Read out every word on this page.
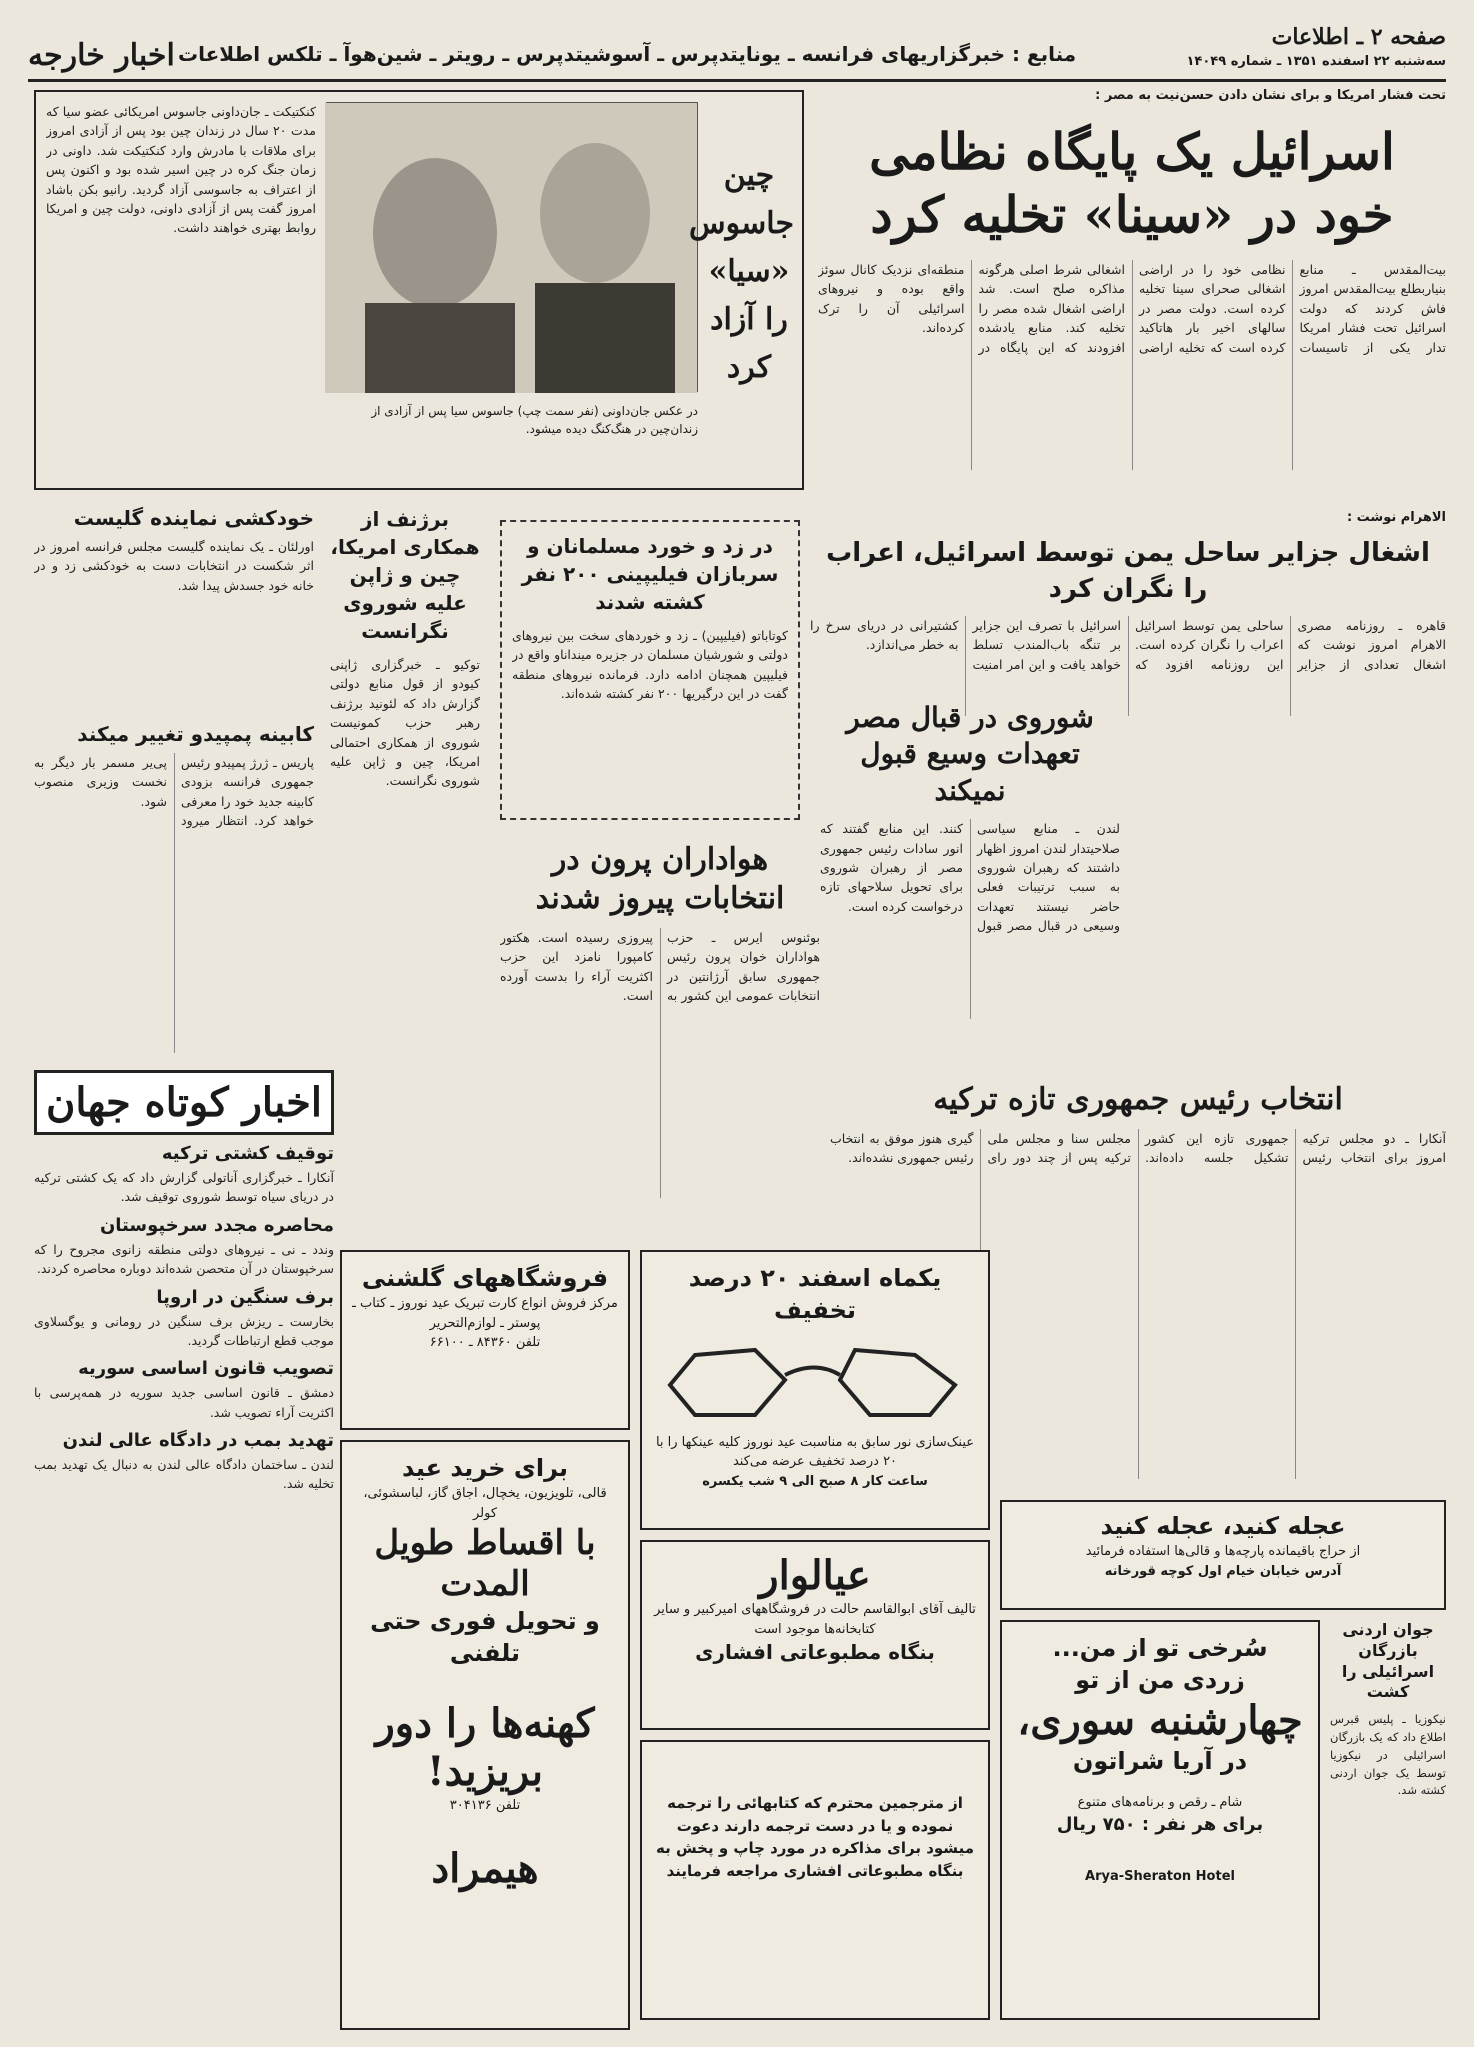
صفحه ۲ ـ اطلاعات
سه‌شنبه ۲۲ اسفنده ۱۳۵۱ ـ شماره ۱۴۰۴۹
منابع : خبرگزاریهای فرانسه ـ یونایتدپرس ـ آسوشیتدپرس ـ رویتر ـ شین‌هوآ ـ تلکس اطلاعات
اخبار خارجه
تحت فشار امریکا و برای نشان دادن حسن‌نیت به مصر :
اسرائیل یک پایگاه نظامی
خود در «سینا» تخلیه کرد
بیت‌المقدس ـ منابع بنیاربطلع بیت‌المقدس امروز فاش کردند که دولت اسرائیل تحت فشار امریکا تدار یکی از تاسیسات نظامی خود را در اراضی اشغالی صحرای سینا تخلیه کرده است. دولت مصر در سالهای اخیر بار هاتاکید کرده است که تخلیه اراضی اشغالی شرط اصلی هرگونه مذاکره صلح است. شد اراضی اشغال شده مصر را تخلیه کند. منابع یادشده افزودند که این پایگاه در منطقه‌ای نزدیک کانال سوئز واقع بوده و نیروهای اسرائیلی آن را ترک کرده‌اند.
چین جاسوس «سیا» را آزاد کرد
در عکس جان‌داونی (نفر سمت چپ) جاسوس سیا پس از آزادی از زندان‌چین در هنگ‌کنگ دیده میشود.
کنکتیکت ـ جان‌داونی جاسوس امریکائی عضو سیا که مدت ۲۰ سال در زندان چین بود پس از آزادی امروز برای ملاقات با مادرش وارد کنکتیکت شد. داونی در زمان جنگ کره در چین اسیر شده بود و اکنون پس از اعتراف به جاسوسی آزاد گردید. رانیو بکن باشاد امروز گفت پس از آزادی داونی، دولت چین و امریکا روابط بهتری خواهند داشت.
الاهرام نوشت :
اشغال جزایر ساحل یمن توسط اسرائیل، اعراب را نگران کرد
قاهره ـ روزنامه مصری الاهرام امروز نوشت که اشغال تعدادی از جزایر ساحلی یمن توسط اسرائیل اعراب را نگران کرده است. این روزنامه افزود که اسرائیل با تصرف این جزایر بر تنگه باب‌المندب تسلط خواهد یافت و این امر امنیت کشتیرانی در دریای سرخ را به خطر می‌اندازد.
خودکشی نماینده گلیست
اورلئان ـ یک نماینده گلیست مجلس فرانسه امروز در اثر شکست در انتخابات دست به خودکشی زد و در خانه خود جسدش پیدا شد.
کابینه پمپیدو تغییر میکند
پاریس ـ ژرژ پمپیدو رئیس جمهوری فرانسه بزودی کابینه جدید خود را معرفی خواهد کرد. انتظار میرود پی‌یر مسمر بار دیگر به نخست وزیری منصوب شود.
برژنف از همکاری امریکا، چین و ژاپن علیه شوروی نگرانست
توکیو ـ خبرگزاری ژاپنی کیودو از قول منابع دولتی گزارش داد که لئونید برژنف رهبر حزب کمونیست شوروی از همکاری احتمالی امریکا، چین و ژاپن علیه شوروی نگرانست.
در زد و خورد مسلمانان و سربازان فیلیپینی ۲۰۰ نفر کشته شدند
کوتاباتو (فیلیپین) ـ زد و خوردهای سخت بین نیروهای دولتی و شورشیان مسلمان در جزیره مینداناو واقع در فیلیپین همچنان ادامه دارد. فرمانده نیروهای منطقه گفت در این درگیریها ۲۰۰ نفر کشته شده‌اند.
هواداران پرون در انتخابات پیروز شدند
بوئنوس ایرس ـ حزب هواداران خوان پرون رئیس جمهوری سابق آرژانتین در انتخابات عمومی این کشور به پیروزی رسیده است. هکتور کامپورا نامزد این حزب اکثریت آراء را بدست آورده است.
شوروی در قبال مصر تعهدات وسیع قبول نمیکند
لندن ـ منابع سیاسی صلاحیتدار لندن امروز اظهار داشتند که رهبران شوروی به سبب ترتیبات فعلی حاضر نیستند تعهدات وسیعی در قبال مصر قبول کنند. این منابع گفتند که انور سادات رئیس جمهوری مصر از رهبران شوروی برای تحویل سلاحهای تازه درخواست کرده است.
انتخاب رئیس جمهوری تازه ترکیه
آنکارا ـ دو مجلس ترکیه امروز برای انتخاب رئیس جمهوری تازه این کشور تشکیل جلسه داده‌اند. مجلس سنا و مجلس ملی ترکیه پس از چند دور رای گیری هنوز موفق به انتخاب رئیس جمهوری نشده‌اند.
اخبار کوتاه جهان
توقیف کشتی ترکیه
آنکارا ـ خبرگزاری آناتولی گزارش داد که یک کشتی ترکیه در دریای سیاه توسط شوروی توقیف شد.
محاصره مجدد سرخپوستان
وندد ـ نی ـ نیروهای دولتی منطقه زانوی مجروح را که سرخپوستان در آن متحصن شده‌اند دوباره محاصره کردند.
برف سنگین در اروپا
بخارست ـ ریزش برف سنگین در رومانی و یوگسلاوی موجب قطع ارتباطات گردید.
تصویب قانون اساسی سوریه
دمشق ـ قانون اساسی جدید سوریه در همه‌پرسی با اکثریت آراء تصویب شد.
تهدید بمب در دادگاه عالی لندن
لندن ـ ساختمان دادگاه عالی لندن به دنبال یک تهدید بمب تخلیه شد.
فروشگاههای گلشنی
مرکز فروش انواع کارت تبریک عید نوروز ـ کتاب ـ پوستر ـ لوازم‌التحریر
تلفن ۸۴۳۶۰ ـ ۶۶۱۰۰
برای خرید عید
قالی، تلویزیون، یخچال، اجاق گاز، لباسشوئی، کولر
با اقساط طویل المدت
و تحویل فوری حتی تلفنی
کهنه‌ها را دور بریزید!
تلفن ۳۰۴۱۳۶
هیمراد
یکماه اسفند ۲۰ درصد تخفیف
عینک‌سازی نور سابق به مناسبت عید نوروز کلیه عینکها را با ۲۰ درصد تخفیف عرضه می‌کند
ساعت کار ۸ صبح الی ۹ شب یکسره
عیالوار
تالیف آقای ابوالقاسم حالت در فروشگاههای امیرکبیر و سایر کتابخانه‌ها موجود است
بنگاه مطبوعاتی افشاری
از مترجمین محترم که کتابهائی را ترجمه نموده و یا در دست ترجمه دارند دعوت میشود برای مذاکره در مورد چاپ و پخش به بنگاه مطبوعاتی افشاری مراجعه فرمایند
عجله کنید، عجله کنید
از حراج باقیمانده پارچه‌ها و قالی‌ها استفاده فرمائید
آدرس خیابان خیام اول کوچه قورخانه
سُرخی تو از من...
زردی من از تو
چهارشنبه سوری،
در آریا شراتون
شام ـ رقص و برنامه‌های متنوع
برای هر نفر : ۷۵۰ ریال
Arya-Sheraton Hotel
جوان اردنی بازرگان اسرائیلی را کشت
نیکوزیا ـ پلیس قبرس اطلاع داد که یک بازرگان اسرائیلی در نیکوزیا توسط یک جوان اردنی کشته شد.
